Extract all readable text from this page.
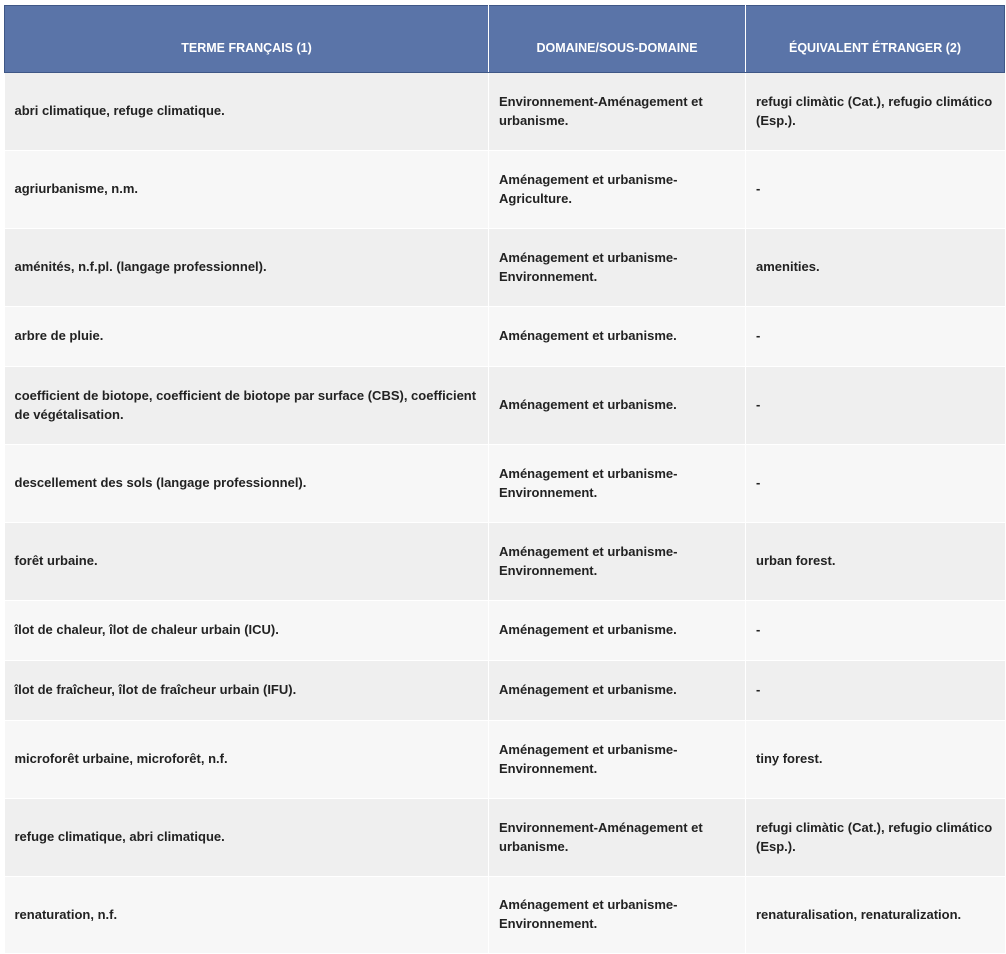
TERME FRANÇAIS (1)	DOMAINE/SOUS-DOMAINE	ÉQUIVALENT ÉTRANGER (2)
abri climatique, refuge climatique.	Environnement-Aménagement et urbanisme.	refugi climàtic (Cat.), refugio climático (Esp.).
agriurbanisme, n.m.	Aménagement et urbanisme-Agriculture.	-
aménités, n.f.pl. (langage professionnel).	Aménagement et urbanisme-Environnement.	amenities.
arbre de pluie.	Aménagement et urbanisme.	-
coefficient de biotope, coefficient de biotope par surface (CBS), coefficient de végétalisation.	Aménagement et urbanisme.	-
descellement des sols (langage professionnel).	Aménagement et urbanisme-Environnement.	-
forêt urbaine.	Aménagement et urbanisme-Environnement.	urban forest.
îlot de chaleur, îlot de chaleur urbain (ICU).	Aménagement et urbanisme.	-
îlot de fraîcheur, îlot de fraîcheur urbain (IFU).	Aménagement et urbanisme.	-
microforêt urbaine, microforêt, n.f.	Aménagement et urbanisme-Environnement.	tiny forest.
refuge climatique, abri climatique.	Environnement-Aménagement et urbanisme.	refugi climàtic (Cat.), refugio climático (Esp.).
renaturation, n.f.	Aménagement et urbanisme-Environnement.	renaturalisation, renaturalization.
